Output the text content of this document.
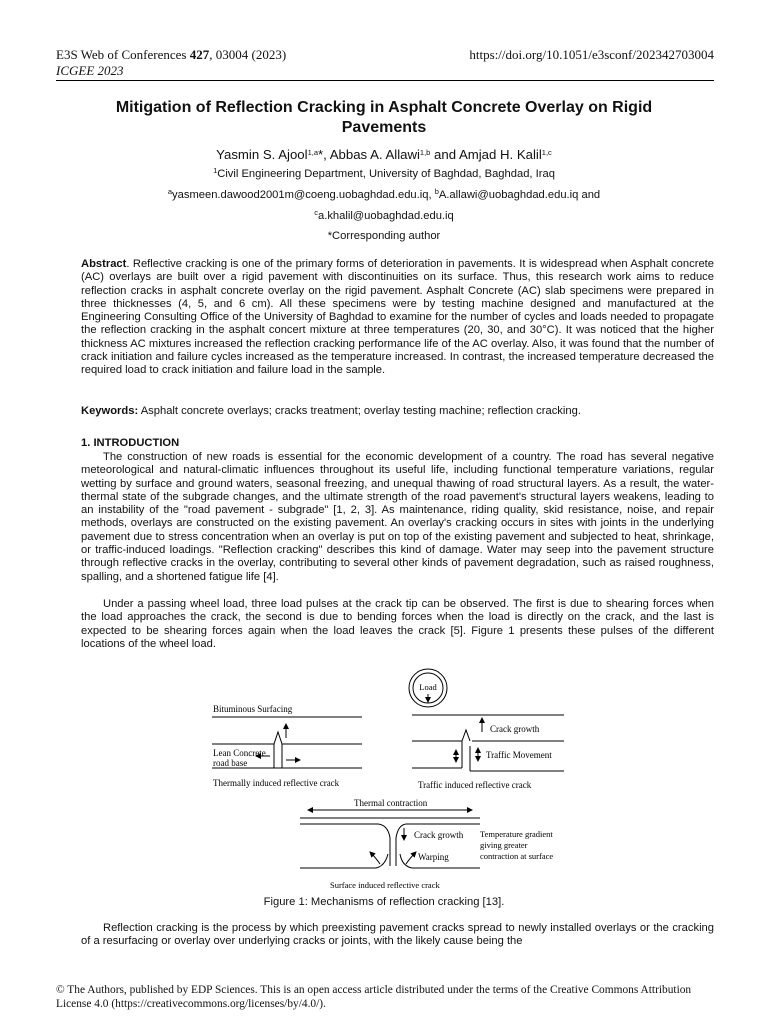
E3S Web of Conferences 427, 03004 (2023)
ICGEE 2023
https://doi.org/10.1051/e3sconf/202342703004
Mitigation of Reflection Cracking in Asphalt Concrete Overlay on Rigid Pavements
Yasmin S. Ajool$^{1,a}$*, Abbas A. Allawi$^{1,b}$ and Amjad H. Kalil$^{1,c}$
$^1$Civil Engineering Department, University of Baghdad, Baghdad, Iraq
$^a$yasmeen.dawood2001m@coeng.uobaghdad.edu.iq, $^b$A.allawi@uobaghdad.edu.iq and
$^c$a.khalil@uobaghdad.edu.iq
*Corresponding author
Abstract. Reflective cracking is one of the primary forms of deterioration in pavements. It is widespread when Asphalt concrete (AC) overlays are built over a rigid pavement with discontinuities on its surface. Thus, this research work aims to reduce reflection cracks in asphalt concrete overlay on the rigid pavement. Asphalt Concrete (AC) slab specimens were prepared in three thicknesses (4, 5, and 6 cm). All these specimens were by testing machine designed and manufactured at the Engineering Consulting Office of the University of Baghdad to examine for the number of cycles and loads needed to propagate the reflection cracking in the asphalt concert mixture at three temperatures (20, 30, and 30°C). It was noticed that the higher thickness AC mixtures increased the reflection cracking performance life of the AC overlay. Also, it was found that the number of crack initiation and failure cycles increased as the temperature increased. In contrast, the increased temperature decreased the required load to crack initiation and failure load in the sample.
Keywords: Asphalt concrete overlays; cracks treatment; overlay testing machine; reflection cracking.
1. INTRODUCTION
The construction of new roads is essential for the economic development of a country. The road has several negative meteorological and natural-climatic influences throughout its useful life, including functional temperature variations, regular wetting by surface and ground waters, seasonal freezing, and unequal thawing of road structural layers. As a result, the water-thermal state of the subgrade changes, and the ultimate strength of the road pavement's structural layers weakens, leading to an instability of the "road pavement - subgrade" [1, 2, 3]. As maintenance, riding quality, skid resistance, noise, and repair methods, overlays are constructed on the existing pavement. An overlay's cracking occurs in sites with joints in the underlying pavement due to stress concentration when an overlay is put on top of the existing pavement and subjected to heat, shrinkage, or traffic-induced loadings. "Reflection cracking" describes this kind of damage. Water may seep into the pavement structure through reflective cracks in the overlay, contributing to several other kinds of pavement degradation, such as raised roughness, spalling, and a shortened fatigue life [4].
Under a passing wheel load, three load pulses at the crack tip can be observed. The first is due to shearing forces when the load approaches the crack, the second is due to bending forces when the load is directly on the crack, and the last is expected to be shearing forces again when the load leaves the crack [5]. Figure 1 presents these pulses of the different locations of the wheel load.
Bituminous Surfacing
Lean Concrete
road base
Thermally induced reflective crack
Load
Crack growth
Traffic Movement
Traffic induced reflective crack
Thermal contraction
Crack growth
Warping
Temperature gradient
giving greater
contraction at surface
Surface induced reflective crack
Figure 1: Mechanisms of reflection cracking [13].
Reflection cracking is the process by which preexisting pavement cracks spread to newly installed overlays or the cracking of a resurfacing or overlay over underlying cracks or joints, with the likely cause being the
© The Authors, published by EDP Sciences. This is an open access article distributed under the terms of the Creative Commons Attribution License 4.0 (https://creativecommons.org/licenses/by/4.0/).
